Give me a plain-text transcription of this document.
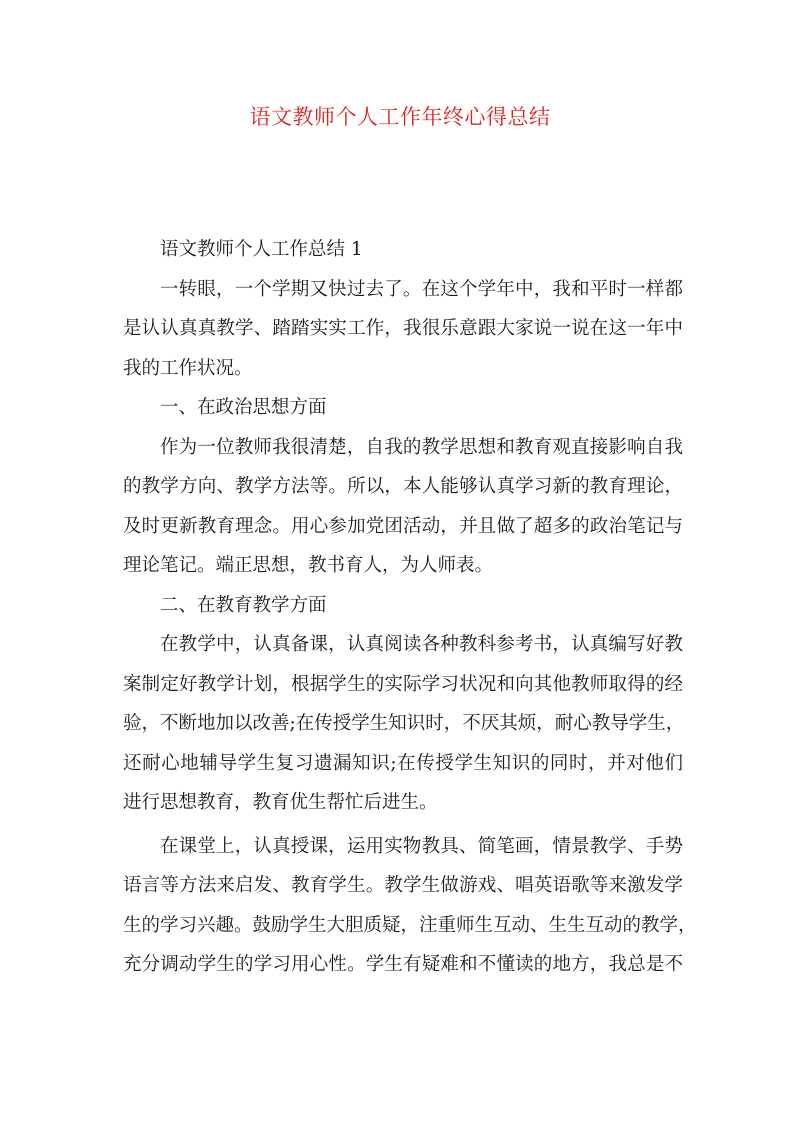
语文教师个人工作年终心得总结
语文教师个人工作总结 1
一转眼，一个学期又快过去了。在这个学年中，我和平时一样都
是认认真真教学、踏踏实实工作，我很乐意跟大家说一说在这一年中
我的工作状况。
一、在政治思想方面
作为一位教师我很清楚，自我的教学思想和教育观直接影响自我
的教学方向、教学方法等。所以，本人能够认真学习新的教育理论，
及时更新教育理念。用心参加党团活动，并且做了超多的政治笔记与
理论笔记。端正思想，教书育人，为人师表。
二、在教育教学方面
在教学中，认真备课，认真阅读各种教科参考书，认真编写好教
案制定好教学计划，根据学生的实际学习状况和向其他教师取得的经
验，不断地加以改善;在传授学生知识时，不厌其烦，耐心教导学生，
还耐心地辅导学生复习遗漏知识;在传授学生知识的同时，并对他们
进行思想教育，教育优生帮忙后进生。
在课堂上，认真授课，运用实物教具、简笔画，情景教学、手势
语言等方法来启发、教育学生。教学生做游戏、唱英语歌等来激发学
生的学习兴趣。鼓励学生大胆质疑，注重师生互动、生生互动的教学，
充分调动学生的学习用心性。学生有疑难和不懂读的地方，我总是不
